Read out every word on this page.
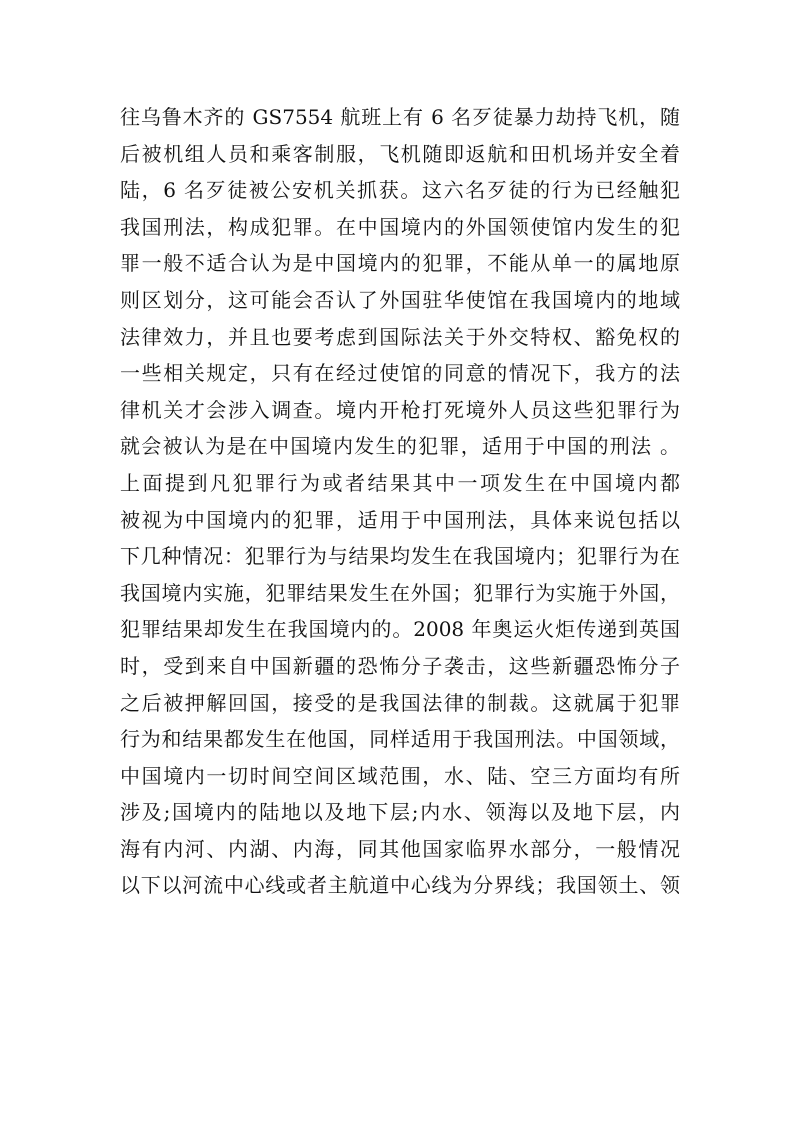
往乌鲁木齐的 GS7554 航班上有 6 名歹徒暴力劫持飞机，随
后被机组人员和乘客制服，飞机随即返航和田机场并安全着
陆，6 名歹徒被公安机关抓获。这六名歹徒的行为已经触犯
我国刑法，构成犯罪。在中国境内的外国领使馆内发生的犯
罪一般不适合认为是中国境内的犯罪，不能从单一的属地原
则区划分，这可能会否认了外国驻华使馆在我国境内的地域
法律效力，并且也要考虑到国际法关于外交特权、豁免权的
一些相关规定，只有在经过使馆的同意的情况下，我方的法
律机关才会涉入调查。境内开枪打死境外人员这些犯罪行为
就会被认为是在中国境内发生的犯罪，适用于中国的刑法 。
上面提到凡犯罪行为或者结果其中一项发生在中国境内都
被视为中国境内的犯罪，适用于中国刑法，具体来说包括以
下几种情况：犯罪行为与结果均发生在我国境内；犯罪行为在
我国境内实施，犯罪结果发生在外国；犯罪行为实施于外国，
犯罪结果却发生在我国境内的。2008 年奥运火炬传递到英国
时，受到来自中国新疆的恐怖分子袭击，这些新疆恐怖分子
之后被押解回国，接受的是我国法律的制裁。这就属于犯罪
行为和结果都发生在他国，同样适用于我国刑法。中国领域，
中国境内一切时间空间区域范围，水、陆、空三方面均有所
涉及;国境内的陆地以及地下层;内水、领海以及地下层，内
海有内河、内湖、内海，同其他国家临界水部分，一般情况
以下以河流中心线或者主航道中心线为分界线；我国领土、领
